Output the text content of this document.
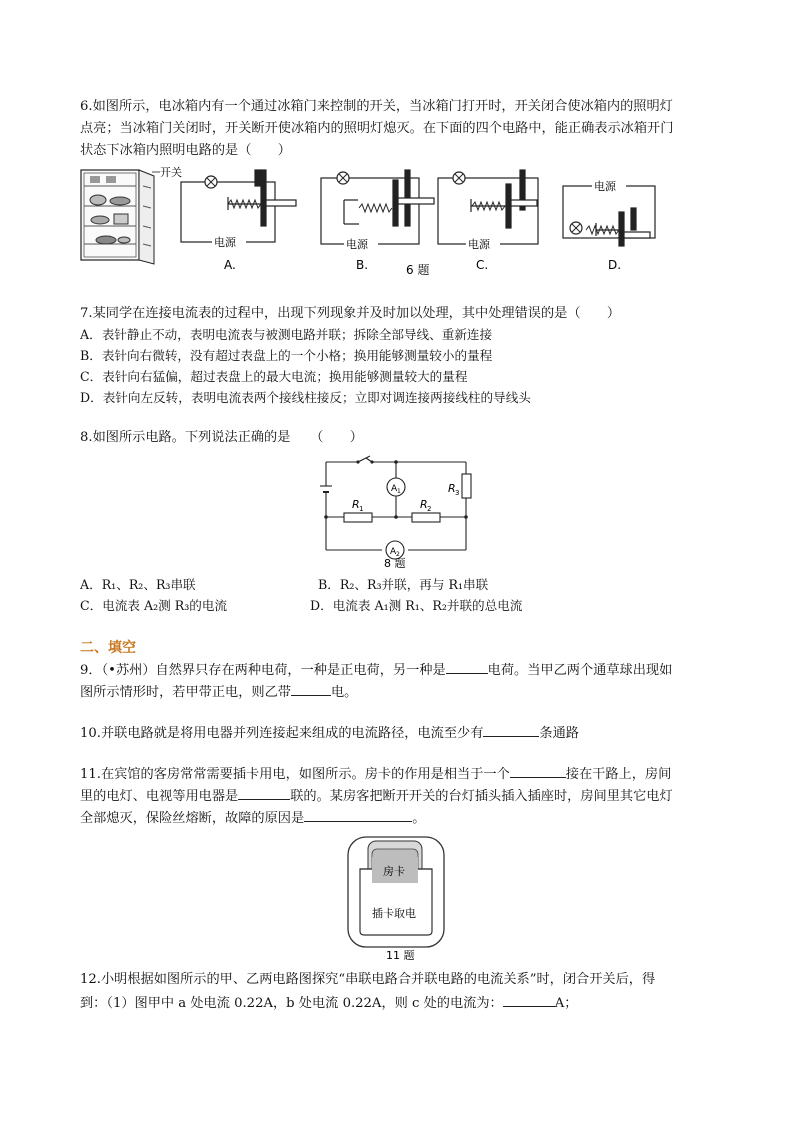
6.如图所示，电冰箱内有一个通过冰箱门来控制的开关，当冰箱门打开时，开关闭合使冰箱内的照明灯
点亮；当冰箱门关闭时，开关断开使冰箱内的照明灯熄灭。在下面的四个电路中，能正确表示冰箱开门
状态下冰箱内照明电路的是（　　）
开关
电源
A.
电源
B.	6 题
电源
C.
电源
D.
7.某同学在连接电流表的过程中，出现下列现象并及时加以处理，其中处理错误的是（　　）
A．表针静止不动，表明电流表与被测电路并联；拆除全部导线、重新连接
B．表针向右微转，没有超过表盘上的一个小格；换用能够测量较小的量程
C．表针向右猛偏，超过表盘上的最大电流；换用能够测量较大的量程
D．表针向左反转，表明电流表两个接线柱接反；立即对调连接两接线柱的导线头
8.如图所示电路。下列说法正确的是　　（　　）
R 1	R 2
R 3
A 1
A 2
8 题
A．R₁、R₂、R₃串联	B．R₂、R₃并联，再与 R₁串联
C．电流表 A₂测 R₃的电流	D．电流表 A₁测 R₁、R₂并联的总电流
二、填空
9．（•苏州）自然界只存在两种电荷，一种是正电荷，另一种是	电荷。当甲乙两个通草球出现如
图所示情形时，若甲带正电，则乙带	电。
10.并联电路就是将用电器并列连接起来组成的电流路径，电流至少有	条通路
11.在宾馆的客房常常需要插卡用电，如图所示。房卡的作用是相当于一个	接在干路上，房间
里的电灯、电视等用电器是	联的。某房客把断开开关的台灯插头插入插座时，房间里其它电灯
全部熄灭，保险丝熔断，故障的原因是	。
房卡
插卡取电
11 题
12.小明根据如图所示的甲、乙两电路图探究“串联电路合并联电路的电流关系”时，闭合开关后，得
到：（1）图甲中 a 处电流 0.22A，b 处电流 0.22A，则 c 处的电流为：	A；
